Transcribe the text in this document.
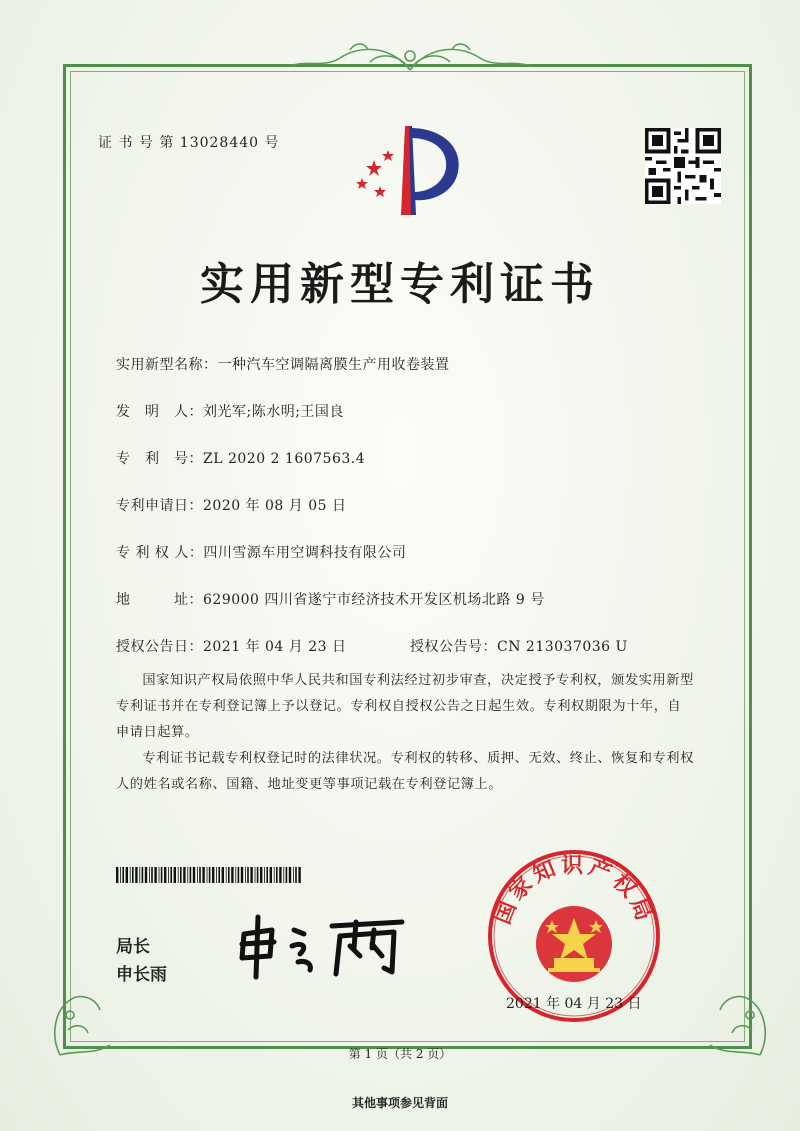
证 书 号 第 13028440 号
实用新型专利证书
实用新型名称：一种汽车空调隔离膜生产用收卷装置
发　明　人：刘光军;陈水明;王国良
专　利　号：ZL 2020 2 1607563.4
专利申请日：2020 年 08 月 05 日
专 利 权 人：四川雪源车用空调科技有限公司
地　　　址：629000 四川省遂宁市经济技术开发区机场北路 9 号
授权公告日：2021 年 04 月 23 日	授权公告号：CN 213037036 U
国家知识产权局依照中华人民共和国专利法经过初步审查，决定授予专利权，颁发实用新型专利证书并在专利登记簿上予以登记。专利权自授权公告之日起生效。专利权期限为十年，自申请日起算。
专利证书记载专利权登记时的法律状况。专利权的转移、质押、无效、终止、恢复和专利权人的姓名或名称、国籍、地址变更等事项记载在专利登记簿上。
局长
申长雨
国家知识产权局
2021 年 04 月 23 日
第 1 页（共 2 页）
其他事项参见背面
